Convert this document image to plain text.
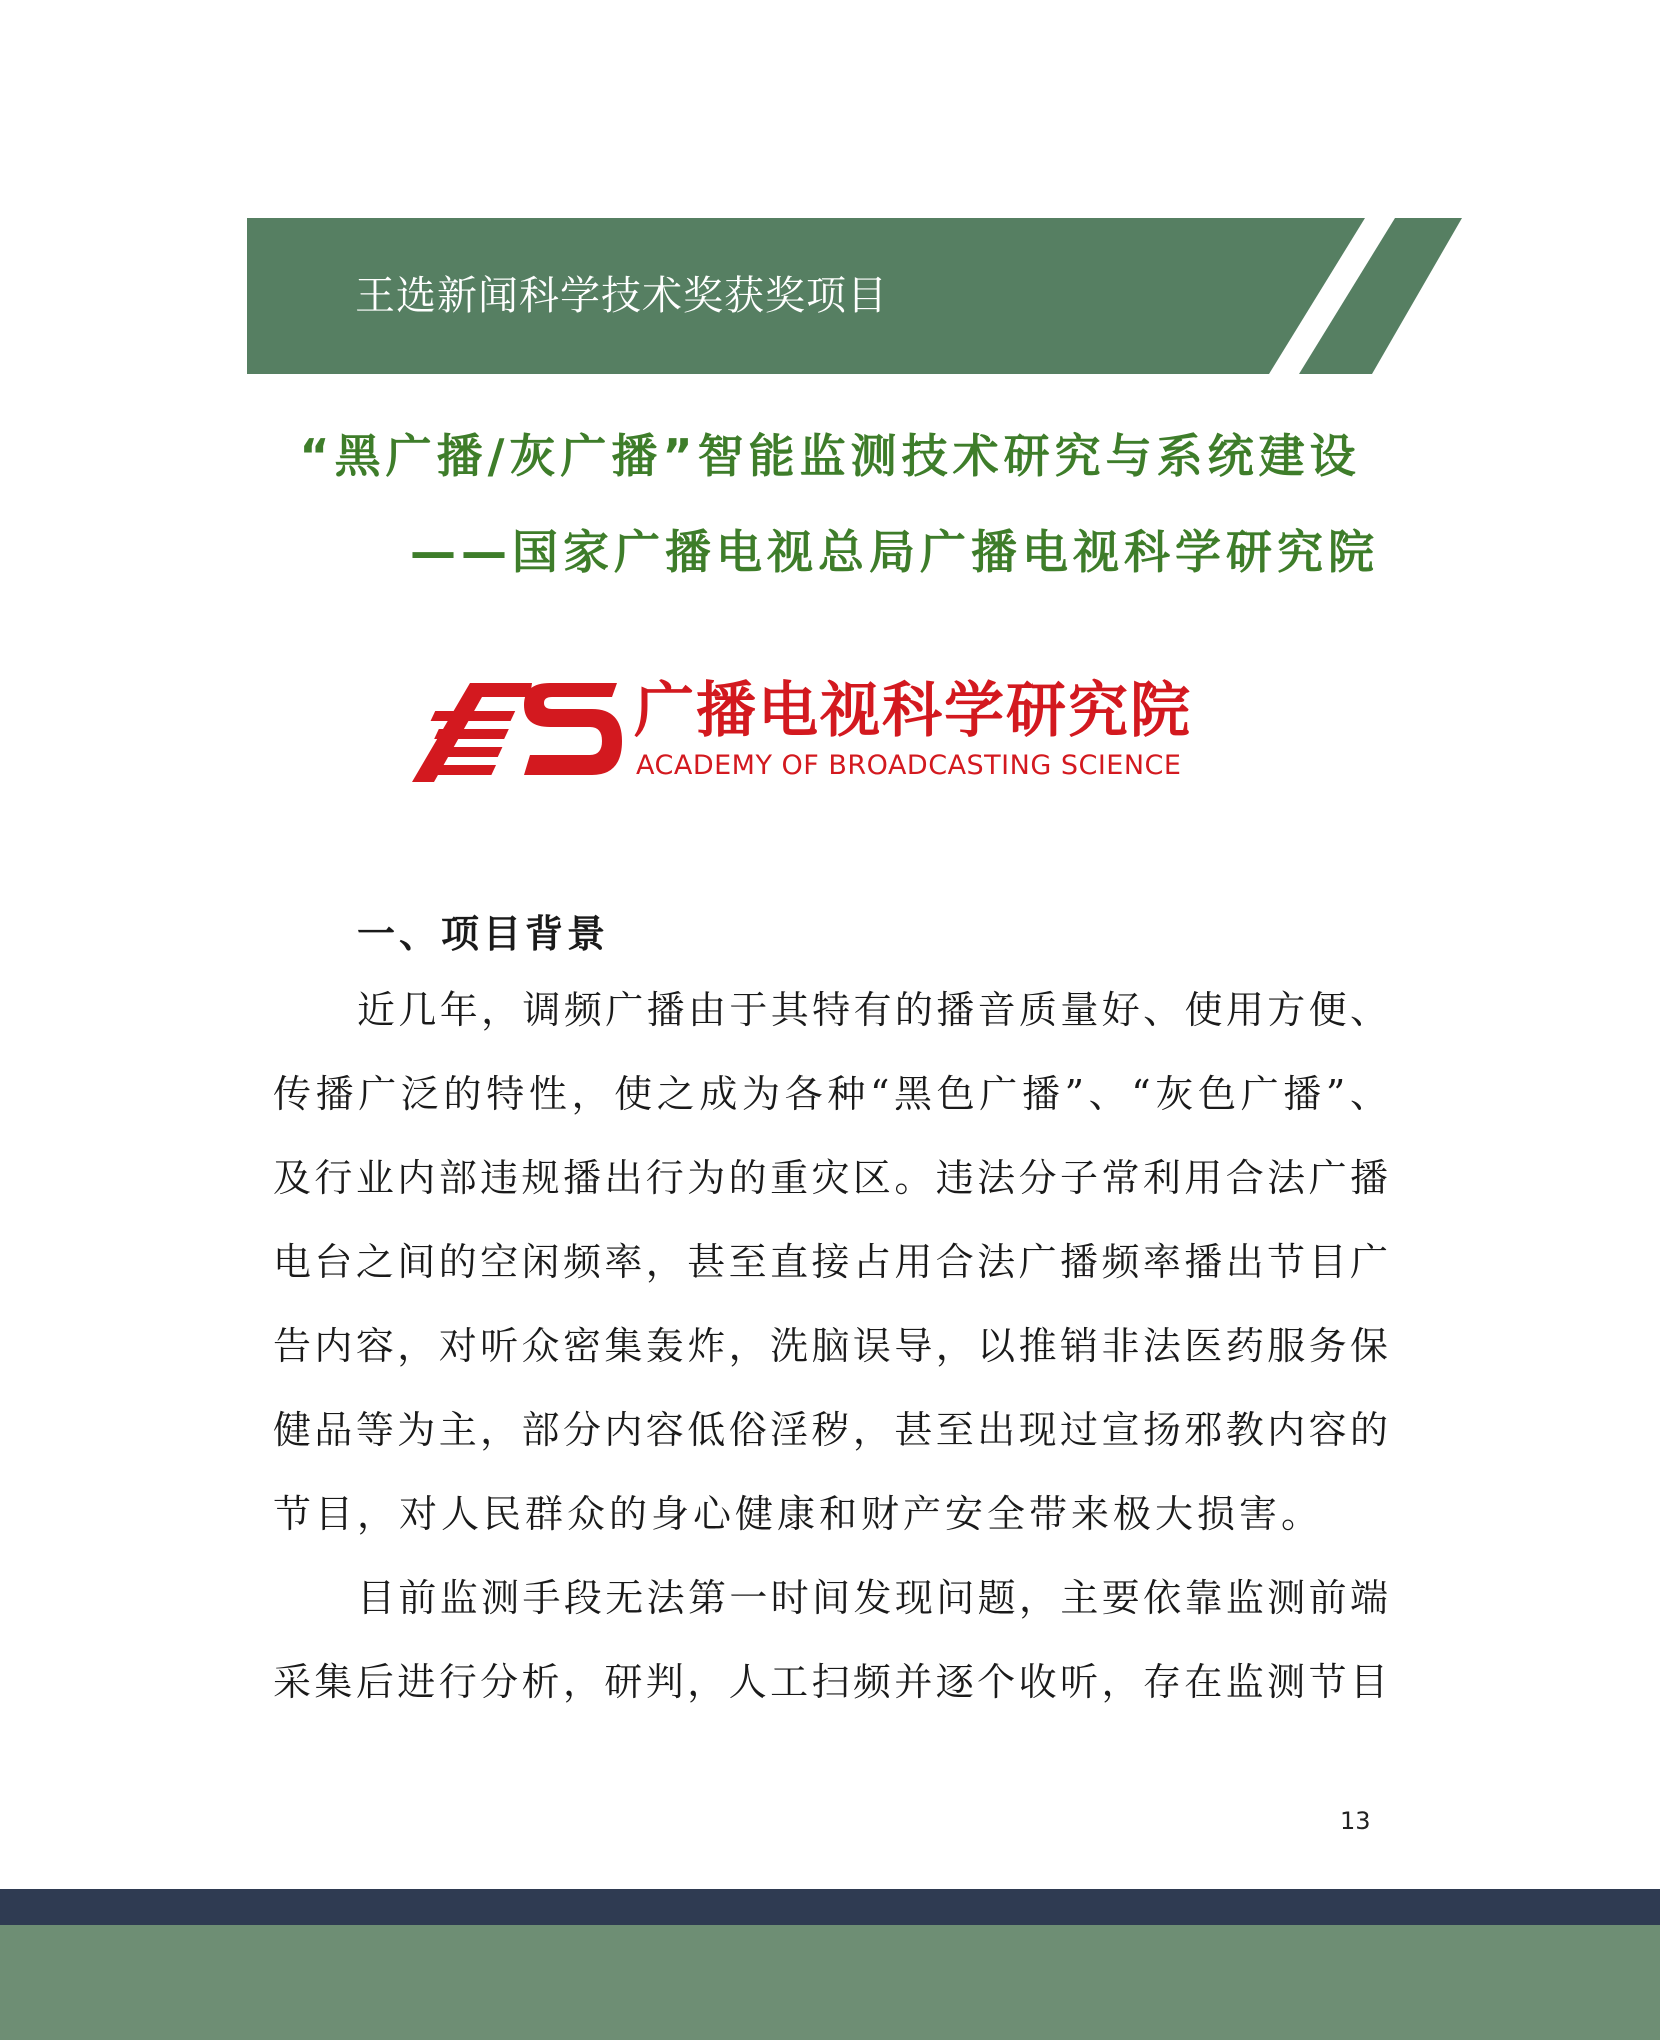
王选新闻科学技术奖获奖项目
“黑广播/灰广播”智能监测技术研究与系统建设
——国家广播电视总局广播电视科学研究院
广播电视科学研究院
ACADEMY OF BROADCASTING SCIENCE
一、项目背景
近几年，调频广播由于其特有的播音质量好、使用方便、
传播广泛的特性，使之成为各种“黑色广播”、“灰色广播”、
及行业内部违规播出行为的重灾区。违法分子常利用合法广播
电台之间的空闲频率，甚至直接占用合法广播频率播出节目广
告内容，对听众密集轰炸，洗脑误导，以推销非法医药服务保
健品等为主，部分内容低俗淫秽，甚至出现过宣扬邪教内容的
节目，对人民群众的身心健康和财产安全带来极大损害。
目前监测手段无法第一时间发现问题，主要依靠监测前端
采集后进行分析，研判，人工扫频并逐个收听，存在监测节目
13
